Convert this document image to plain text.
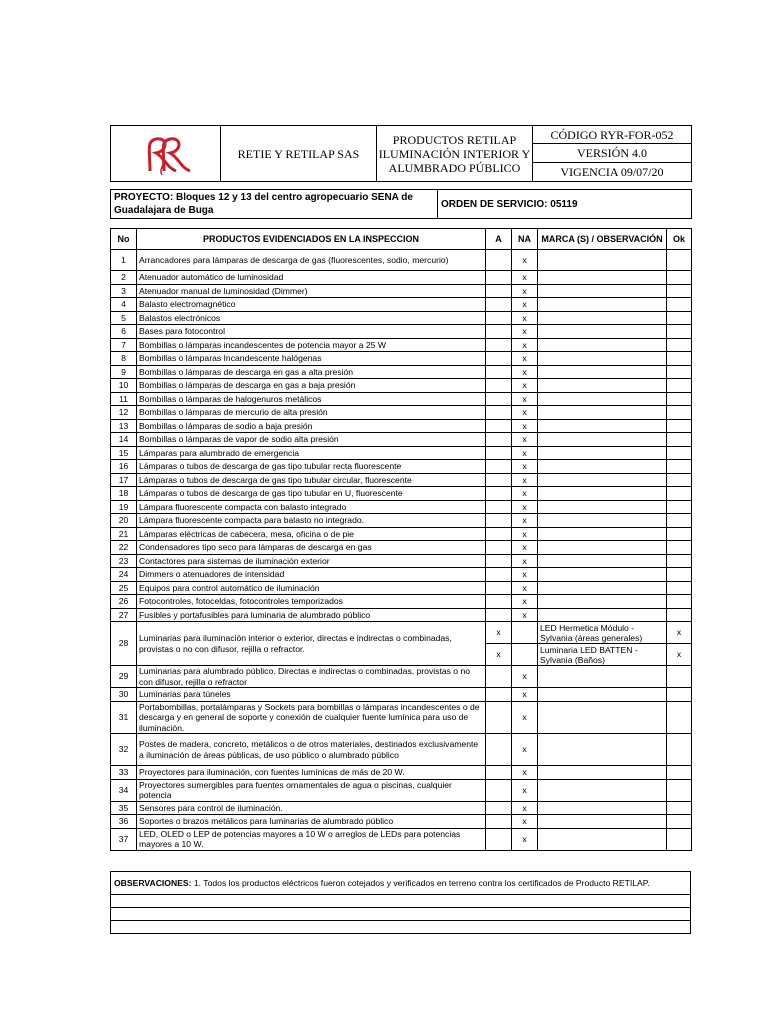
	RETIE Y RETILAP SAS	PRODUCTOS RETILAP ILUMINACIÓN INTERIOR Y ALUMBRADO PÚBLICO	CÓDIGO RYR-FOR-052
VERSIÓN 4.0
VIGENCIA 09/07/20
PROYECTO: Bloques 12 y 13 del centro agropecuario SENA de Guadalajara de Buga	ORDEN DE SERVICIO: 05119
No	PRODUCTOS EVIDENCIADOS EN LA INSPECCION	A	NA	MARCA (S) / OBSERVACIÓN	Ok
1	Arrancadores para lámparas de descarga de gas (fluorescentes, sodio, mercurio)		x		
2	Atenuador automático de luminosidad		x		
3	Atenuador manual de luminosidad (Dimmer)		x		
4	Balasto electromagnético		x		
5	Balastos electrónicos		x		
6	Bases para fotocontrol		x		
7	Bombillas o lámparas incandescentes de potencia mayor a 25 W		x		
8	Bombillas o lámparas Incandescente halógenas		x		
9	Bombillas o lámparas de descarga en gas a alta presión		x		
10	Bombillas o lámparas de descarga en gas a baja presión		x		
11	Bombillas o lámparas de halogenuros metálicos		x		
12	Bombillas o lámparas de mercurio de alta presión		x		
13	Bombillas o lámparas de sodio a baja presión		x		
14	Bombillas o lámparas de vapor de sodio alta presión		x		
15	Lámparas para alumbrado de emergencia		x		
16	Lámparas o tubos de descarga de gas tipo tubular recta fluorescente		x		
17	Lámparas o tubos de descarga de gas tipo tubular circular, fluorescente		x		
18	Lámparas o tubos de descarga de gas tipo tubular en U, fluorescente		x		
19	Lámpara fluorescente compacta con balasto integrado		x		
20	Lámpara fluorescente compacta para balasto no integrado.		x		
21	Lámparas eléctricas de cabecera, mesa, oficina o de pie		x		
22	Condensadores tipo seco para lámparas de descarga en gas		x		
23	Contactores para sistemas de iluminación exterior		x		
24	Dimmers o atenuadores de intensidad		x		
25	Equipos para control automático de iluminación		x		
26	Fotocontroles, fotoceldas, fotocontroles temporizados		x		
27	Fusibles y portafusibles para luminaria de alumbrado público		x		
28	Luminarias para iluminación interior o exterior, directas e indirectas o combinadas, provistas o no con difusor, rejilla o refractor.	x		LED Hermetica Módulo - Sylvania (áreas generales)	x
		x		Luminaria LED BATTEN - Sylvania (Baños)	x
29	Luminarias para alumbrado público. Directas e indirectas o combinadas, provistas o no con difusor, rejilla o refractor		x		
30	Luminarias para túneles		x		
31	Portabombillas, portalámparas y Sockets para bombillas o lámparas incandescentes o de descarga y en general de soporte y conexión de cualquier fuente lumínica para uso de iluminación.		x		
32	Postes de madera, concreto, metálicos o de otros materiales, destinados exclusivamente a iluminación de áreas públicas, de uso público o alumbrado público		x		
33	Proyectores para iluminación, con fuentes lumínicas de más de 20 W.		x		
34	Proyectores sumergibles para fuentes ornamentales de agua o piscinas, cualquier potencia		x		
35	Sensores para control de iluminación.		x		
36	Soportes o brazos metálicos para luminarias de alumbrado público		x		
37	LED, OLED o LEP de potencias mayores a 10 W o arreglos de LEDs para potencias mayores a 10 W.		x		
OBSERVACIONES: 1. Todos los productos eléctricos fueron cotejados y verificados en terreno contra los certificados de Producto RETILAP.
